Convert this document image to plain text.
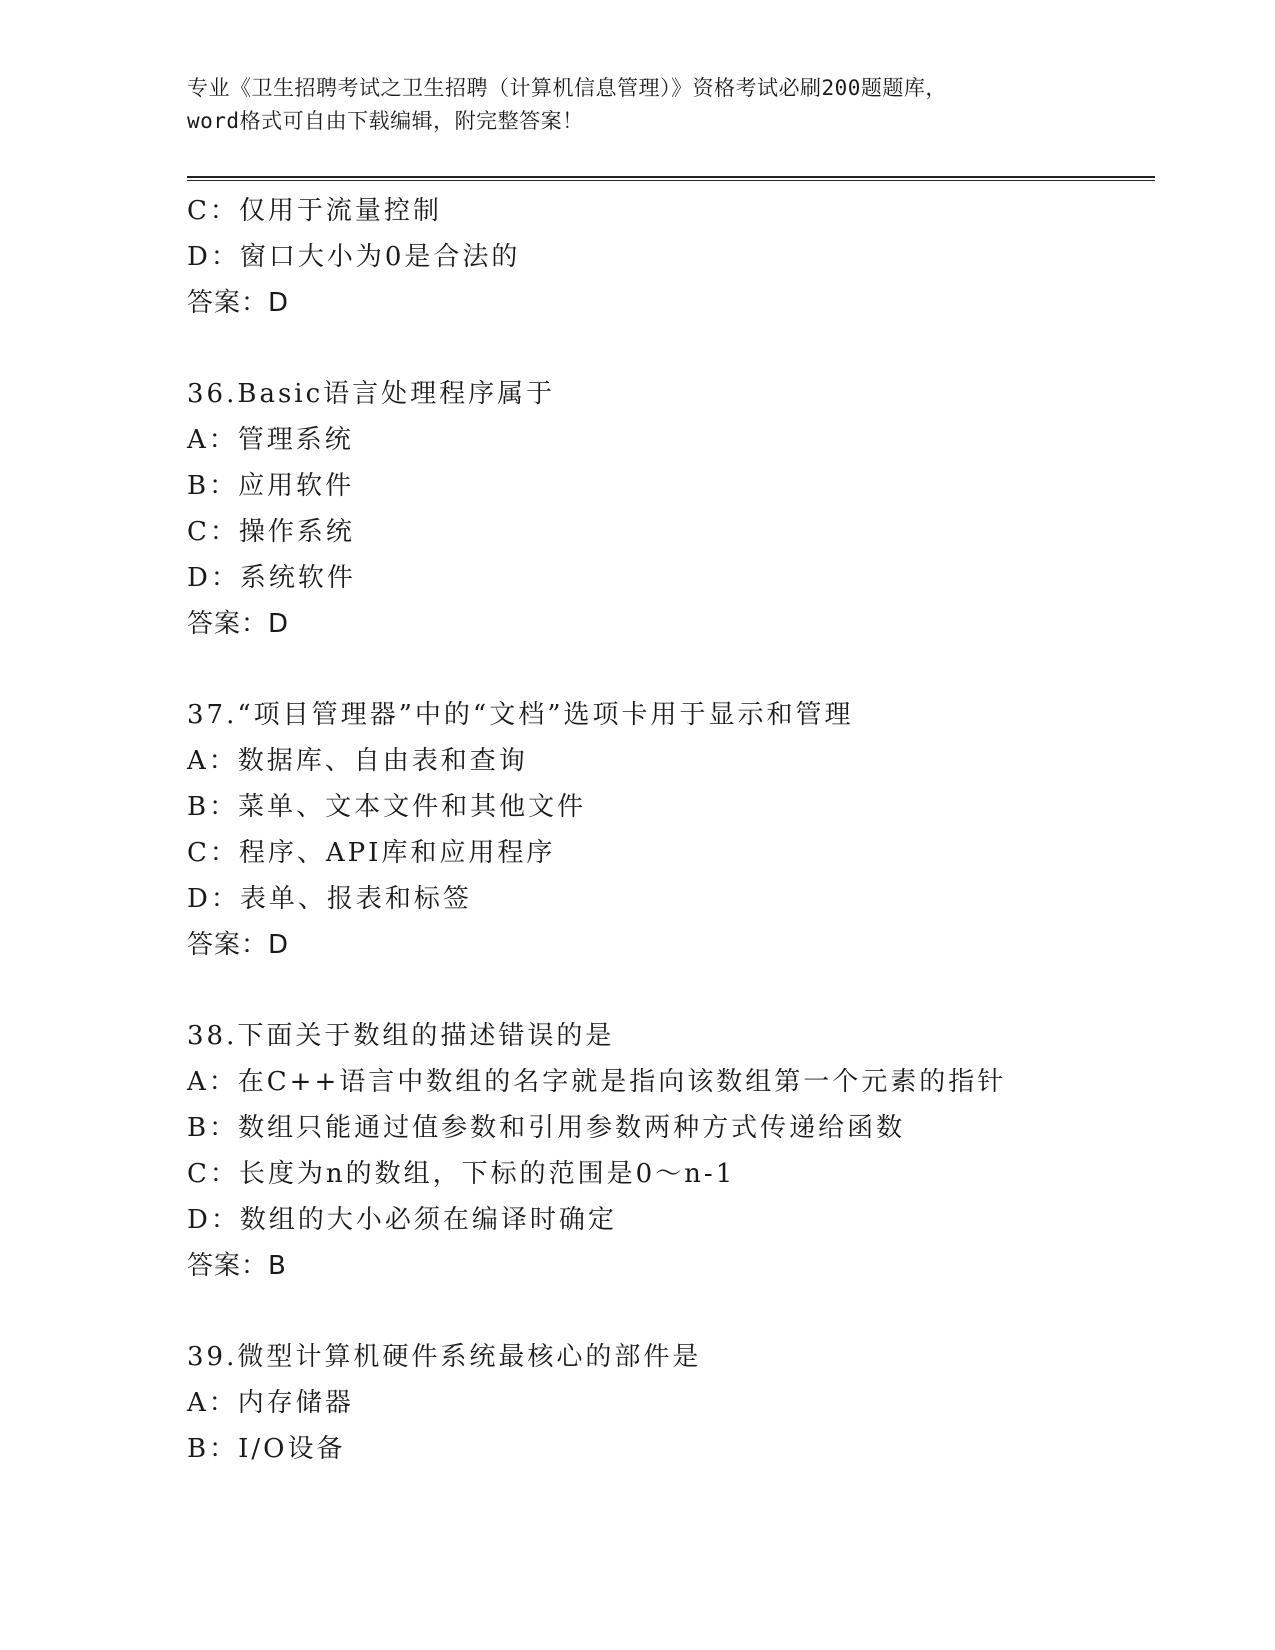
专业《卫生招聘考试之卫生招聘（计算机信息管理）》资格考试必刷200题题库，
word格式可自由下载编辑，附完整答案！
C：仅用于流量控制
D：窗口大小为0是合法的
答案：D
36.Basic语言处理程序属于
A：管理系统
B：应用软件
C：操作系统
D：系统软件
答案：D
37.“项目管理器”中的“文档”选项卡用于显示和管理
A：数据库、自由表和查询
B：菜单、文本文件和其他文件
C：程序、API库和应用程序
D：表单、报表和标签
答案：D
38.下面关于数组的描述错误的是
A：在C++语言中数组的名字就是指向该数组第一个元素的指针
B：数组只能通过值参数和引用参数两种方式传递给函数
C：长度为n的数组，下标的范围是0～n-1
D：数组的大小必须在编译时确定
答案：B
39.微型计算机硬件系统最核心的部件是
A：内存储器
B：I/O设备
